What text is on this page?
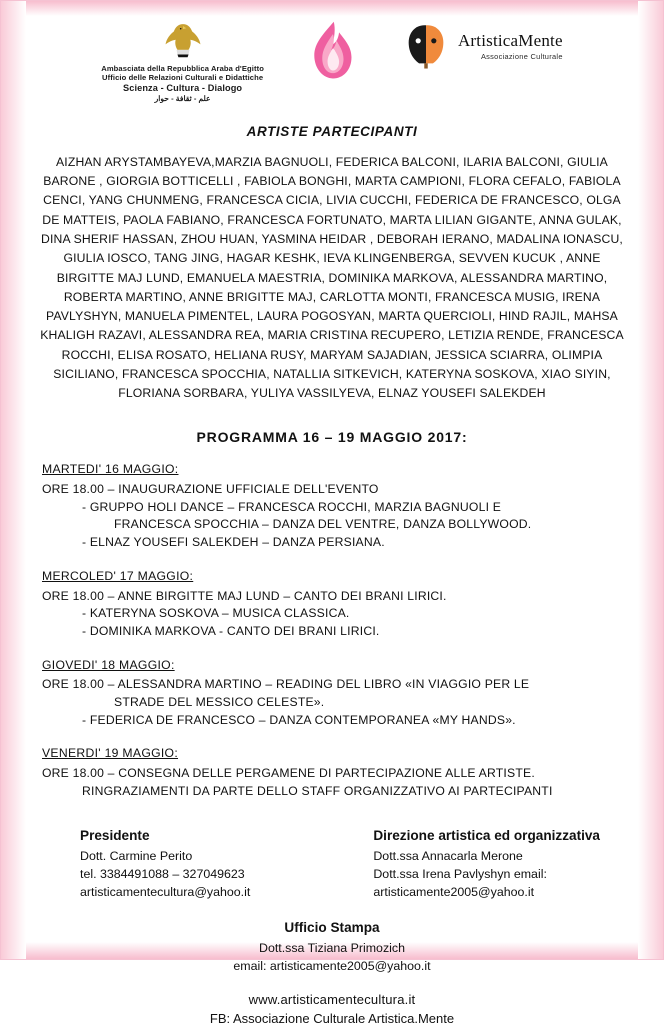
Ambasciata della Repubblica Araba d'Egitto
Ufficio delle Relazioni Culturali e Didattiche
Scienza - Cultura - Dialogo
علم - ثقافة - حوار
ArtisticaMente
Associazione Culturale
ARTISTE PARTECIPANTI
AIZHAN ARYSTAMBAYEVA,MARZIA BAGNUOLI, FEDERICA BALCONI, ILARIA BALCONI, GIULIA BARONE , GIORGIA BOTTICELLI , FABIOLA BONGHI, MARTA CAMPIONI, FLORA CEFALO, FABIOLA CENCI, YANG CHUNMENG, FRANCESCA CICIA, LIVIA CUCCHI, FEDERICA DE FRANCESCO, OLGA DE MATTEIS, PAOLA FABIANO, FRANCESCA FORTUNATO, MARTA LILIAN GIGANTE, ANNA GULAK, DINA SHERIF HASSAN, ZHOU HUAN, YASMINA HEIDAR , DEBORAH IERANO, MADALINA IONASCU, GIULIA IOSCO, TANG JING, HAGAR KESHK, IEVA KLINGENBERGA, SEVVEN KUCUK , ANNE BIRGITTE MAJ LUND, EMANUELA MAESTRIA, DOMINIKA MARKOVA, ALESSANDRA MARTINO, ROBERTA MARTINO, ANNE BRIGITTE MAJ, CARLOTTA MONTI, FRANCESCA MUSIG, IRENA PAVLYSHYN, MANUELA PIMENTEL, LAURA POGOSYAN, MARTA QUERCIOLI, HIND RAJIL, MAHSA KHALIGH RAZAVI, ALESSANDRA REA, MARIA CRISTINA RECUPERO, LETIZIA RENDE, FRANCESCA ROCCHI, ELISA ROSATO, HELIANA RUSY, MARYAM SAJADIAN, JESSICA SCIARRA, OLIMPIA SICILIANO, FRANCESCA SPOCCHIA, NATALLIA SITKEVICH, KATERYNA SOSKOVA, XIAO SIYIN, FLORIANA SORBARA, YULIYA VASSILYEVA, ELNAZ YOUSEFI SALEKDEH
PROGRAMMA 16 – 19 MAGGIO 2017:
MARTEDI' 16 MAGGIO:
ORE 18.00 – INAUGURAZIONE UFFICIALE DELL'EVENTO
- GRUPPO HOLI DANCE – FRANCESCA ROCCHI, MARZIA BAGNUOLI E
FRANCESCA SPOCCHIA – DANZA DEL VENTRE, DANZA BOLLYWOOD.
- ELNAZ YOUSEFI SALEKDEH – DANZA PERSIANA.
MERCOLED' 17 MAGGIO:
ORE 18.00 – ANNE BIRGITTE MAJ LUND – CANTO DEI BRANI LIRICI.
- KATERYNA SOSKOVA – MUSICA CLASSICA.
- DOMINIKA MARKOVA - CANTO DEI BRANI LIRICI.
GIOVEDI' 18 MAGGIO:
ORE 18.00 – ALESSANDRA MARTINO – READING DEL LIBRO «IN VIAGGIO PER LE
STRADE DEL MESSICO CELESTE».
- FEDERICA DE FRANCESCO – DANZA CONTEMPORANEA «MY HANDS».
VENERDI' 19 MAGGIO:
ORE 18.00 – CONSEGNA DELLE PERGAMENE DI PARTECIPAZIONE ALLE ARTISTE.
RINGRAZIAMENTI DA PARTE DELLO STAFF ORGANIZZATIVO AI PARTECIPANTI
Presidente
Dott. Carmine Perito
tel. 3384491088 – 327049623
artisticamentecultura@yahoo.it
Direzione artistica ed organizzativa
Dott.ssa Annacarla Merone
Dott.ssa Irena Pavlyshyn email:
artisticamente2005@yahoo.it
Ufficio Stampa
Dott.ssa Tiziana Primozich
email: artisticamente2005@yahoo.it
www.artisticamentecultura.it
FB: Associazione Culturale Artistica.Mente
